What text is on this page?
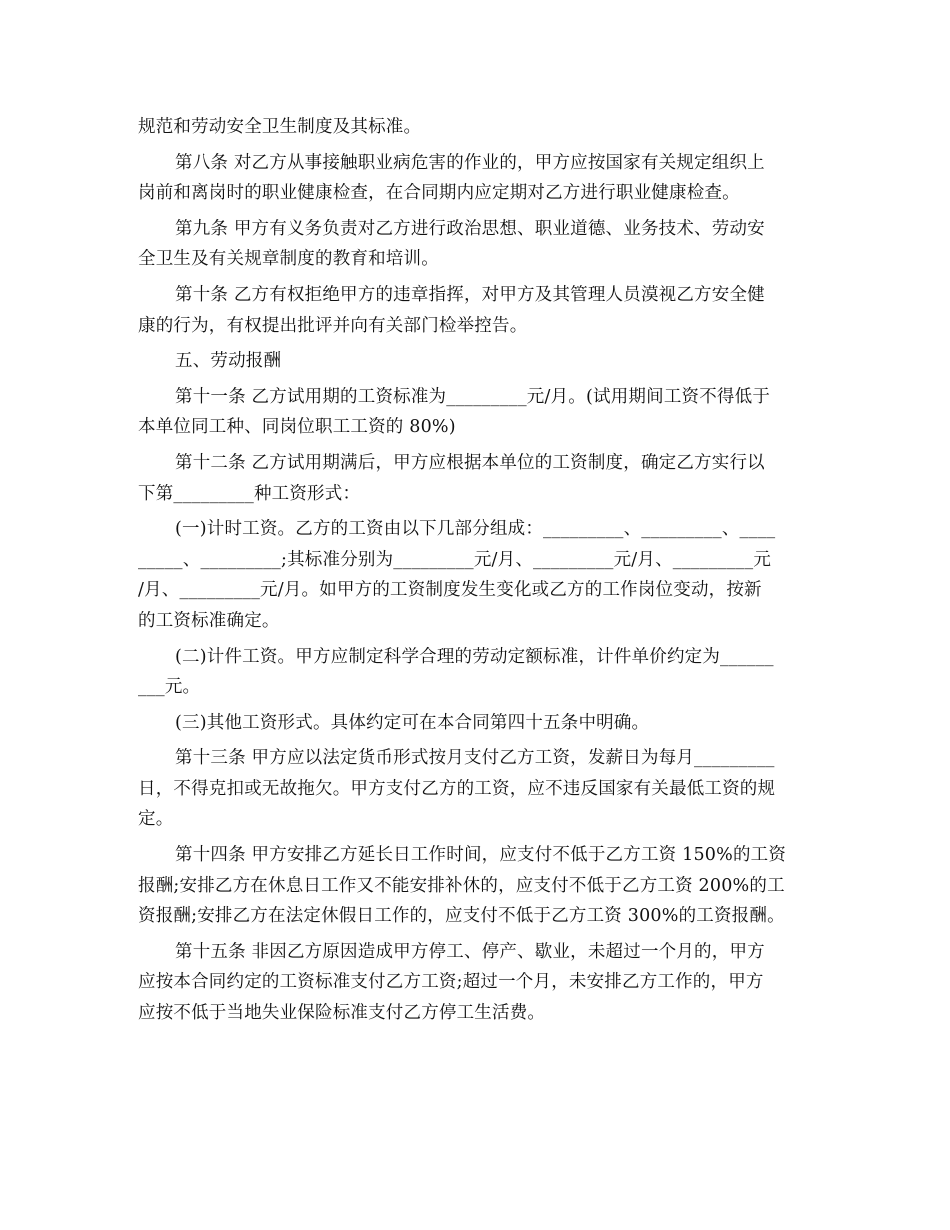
规范和劳动安全卫生制度及其标准。
第八条 对乙方从事接触职业病危害的作业的，甲方应按国家有关规定组织上
岗前和离岗时的职业健康检查，在合同期内应定期对乙方进行职业健康检查。
第九条 甲方有义务负责对乙方进行政治思想、职业道德、业务技术、劳动安
全卫生及有关规章制度的教育和培训。
第十条 乙方有权拒绝甲方的违章指挥，对甲方及其管理人员漠视乙方安全健
康的行为，有权提出批评并向有关部门检举控告。
五、劳动报酬
第十一条 乙方试用期的工资标准为_________元/月。(试用期间工资不得低于
本单位同工种、同岗位职工工资的 80%)
第十二条 乙方试用期满后，甲方应根据本单位的工资制度，确定乙方实行以
下第_________种工资形式：
(一)计时工资。乙方的工资由以下几部分组成：_________、_________、____
_____、_________;其标准分别为_________元/月、_________元/月、_________元
/月、_________元/月。如甲方的工资制度发生变化或乙方的工作岗位变动，按新
的工资标准确定。
(二)计件工资。甲方应制定科学合理的劳动定额标准，计件单价约定为______
___元。
(三)其他工资形式。具体约定可在本合同第四十五条中明确。
第十三条 甲方应以法定货币形式按月支付乙方工资，发薪日为每月_________
日，不得克扣或无故拖欠。甲方支付乙方的工资，应不违反国家有关最低工资的规
定。
第十四条 甲方安排乙方延长日工作时间，应支付不低于乙方工资 150%的工资
报酬;安排乙方在休息日工作又不能安排补休的，应支付不低于乙方工资 200%的工
资报酬;安排乙方在法定休假日工作的，应支付不低于乙方工资 300%的工资报酬。
第十五条 非因乙方原因造成甲方停工、停产、歇业，未超过一个月的，甲方
应按本合同约定的工资标准支付乙方工资;超过一个月，未安排乙方工作的，甲方
应按不低于当地失业保险标准支付乙方停工生活费。
